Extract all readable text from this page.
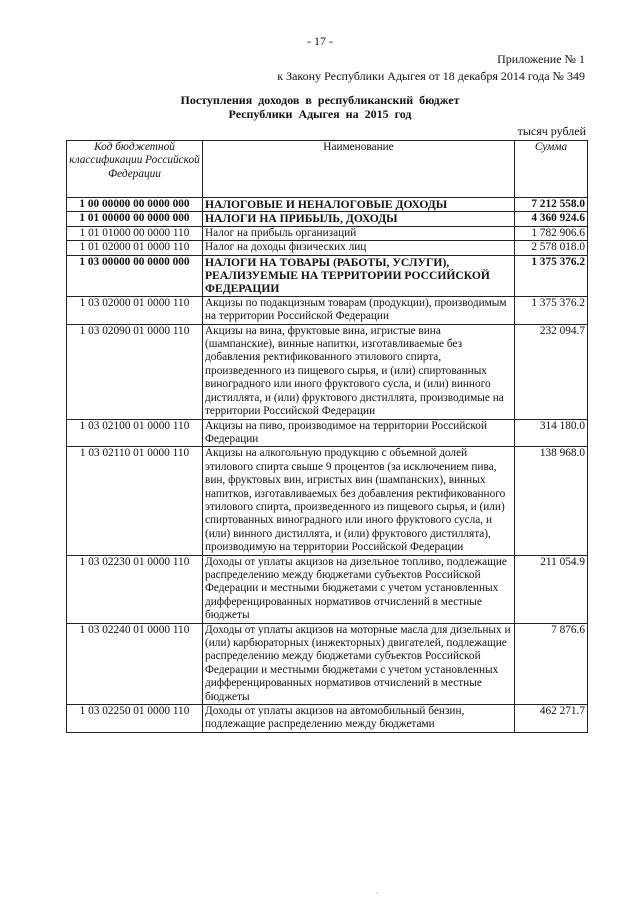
- 17 -
Приложение № 1
к Закону Республики Адыгея от 18 декабря 2014 года № 349
Поступления доходов в республиканский бюджет
Республики Адыгея на 2015 год
тысяч рублей
Код бюджетной классификации Российской Федерации	Наименование	Сумма
1 00 00000 00 0000 000	НАЛОГОВЫЕ И НЕНАЛОГОВЫЕ ДОХОДЫ	7 212 558.0
1 01 00000 00 0000 000	НАЛОГИ НА ПРИБЫЛЬ, ДОХОДЫ	4 360 924.6
1 01 01000 00 0000 110	Налог на прибыль организаций	1 782 906.6
1 01 02000 01 0000 110	Налог на доходы физических лиц	2 578 018.0
1 03 00000 00 0000 000	НАЛОГИ НА ТОВАРЫ (РАБОТЫ, УСЛУГИ), РЕАЛИЗУЕМЫЕ НА ТЕРРИТОРИИ РОССИЙСКОЙ ФЕДЕРАЦИИ	1 375 376.2
1 03 02000 01 0000 110	Акцизы по подакцизным товарам (продукции), производимым на территории Российской Федерации	1 375 376.2
1 03 02090 01 0000 110	Акцизы на вина, фруктовые вина, игристые вина (шампанские), винные напитки, изготавливаемые без добавления ректификованного этилового спирта, произведенного из пищевого сырья, и (или) спиртованных виноградного или иного фруктового сусла, и (или) винного дистиллята, и (или) фруктового дистиллята, производимые на территории Российской Федерации	232 094.7
1 03 02100 01 0000 110	Акцизы на пиво, производимое на территории Российской Федерации	314 180.0
1 03 02110 01 0000 110	Акцизы на алкогольную продукцию с объемной долей этилового спирта свыше 9 процентов (за исключением пива, вин, фруктовых вин, игристых вин (шампанских), винных напитков, изготавливаемых без добавления ректификованного этилового спирта, произведенного из пищевого сырья, и (или) спиртованных виноградного или иного фруктового сусла, и (или) винного дистиллята, и (или) фруктового дистиллята), производимую на территории Российской Федерации	138 968.0
1 03 02230 01 0000 110	Доходы от уплаты акцизов на дизельное топливо, подлежащие распределению между бюджетами субъектов Российской Федерации и местными бюджетами с учетом установленных дифференцированных нормативов отчислений в местные бюджеты	211 054.9
1 03 02240 01 0000 110	Доходы от уплаты акцизов на моторные масла для дизельных и (или) карбюраторных (инжекторных) двигателей, подлежащие распределению между бюджетами субъектов Российской Федерации и местными бюджетами с учетом установленных дифференцированных нормативов отчислений в местные бюджеты	7 876.6
1 03 02250 01 0000 110	Доходы от уплаты акцизов на автомобильный бензин, подлежащие распределению между бюджетами	462 271.7
·
